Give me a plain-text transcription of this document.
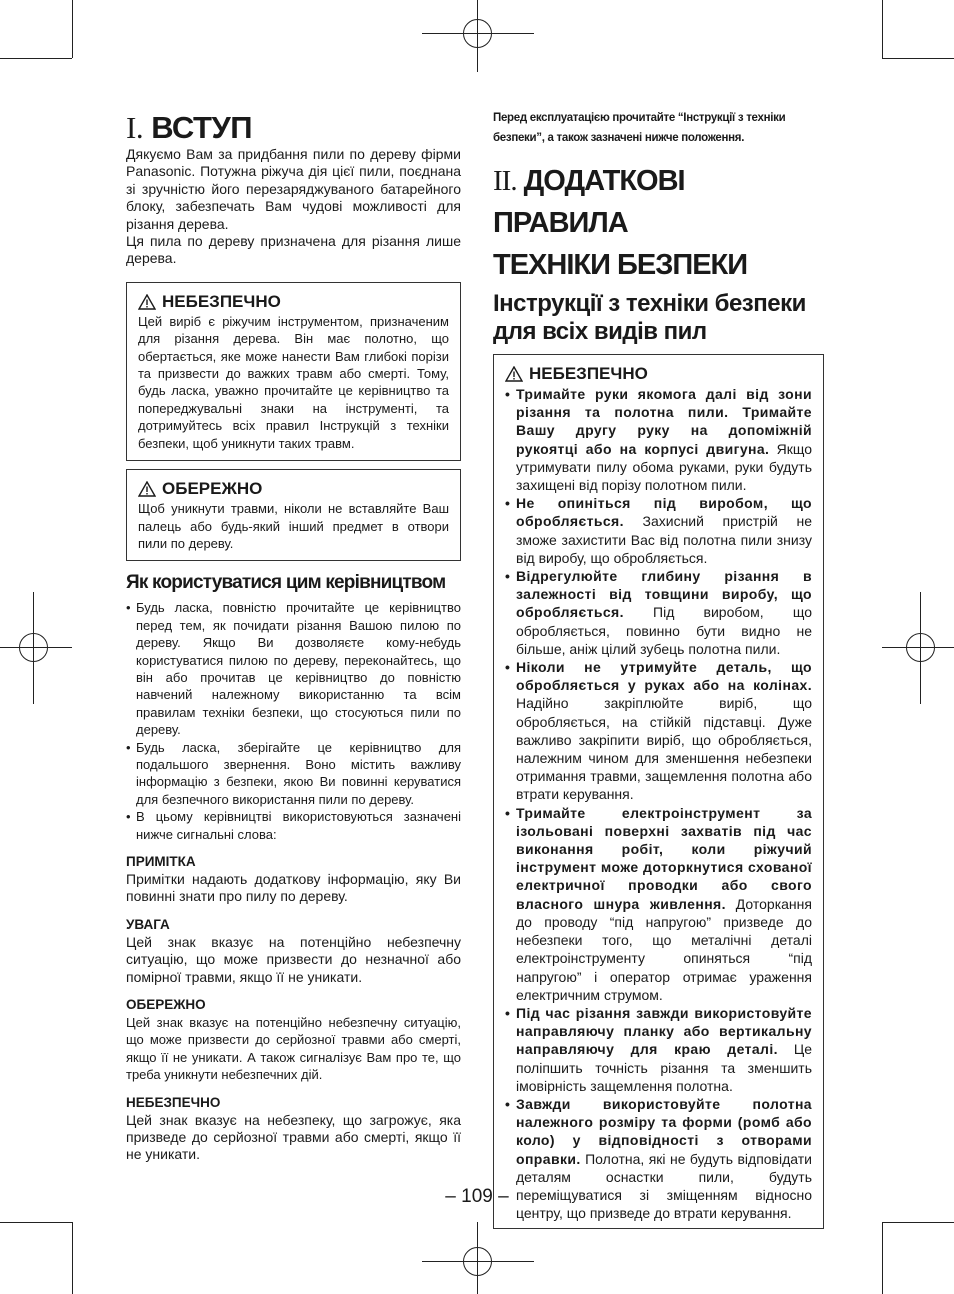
I. ВСТУП

Дякуємо Вам за придбання пили по дереву фірми Panasonic. Потужна ріжуча дія цієї пили, поєднана зі зручністю його перезаряджуваного батарейного блоку, забезпечать Вам чудові можливості для різання дерева.

Ця пила по дереву призначена для різання лише дерева.

НЕБЕЗПЕЧНО

Цей виріб є ріжучим інструментом, призначеним для різання дерева. Він має полотно, що обертається, яке може нанести Вам глибокі порізи та призвести до важких травм або смерті. Тому, будь ласка, уважно прочитайте це керівництво та попереджувальні знаки на інструменті, та дотримуйтесь всіх правил Інструкцій з техніки безпеки, щоб уникнути таких травм.

ОБЕРЕЖНО

Щоб уникнути травми, ніколи не вставляйте Ваш палець або будь-який інший предмет в отвори пили по дереву.

Як користуватися цим керівництвом
• Будь ласка, повністю прочитайте це керівництво перед тем, як почидати різання Вашою пилою по дереву. Якщо Ви дозволяєте кому-небудь користуватися пилою по дереву, переконайтесь, що він або прочитав це керівництво до повністю навчений належному використанню та всім правилам техніки безпеки, що стосуються пили по дереву.
• Будь ласка, зберігайте це керівництво для подальшого звернення. Воно містить важливу інформацію з безпеки, якою Ви повинні керуватися для безпечного використання пили по дереву.
• В цьому керівництві використовуються зазначені нижче сигнальні слова:
ПРИМІТКА

Примітки надають додаткову інформацію, яку Ви повинні знати про пилу по дереву.

УВАГА

Цей знак вказує на потенційно небезпечну ситуацію, що може призвести до незначної або помірної травми, якщо її не уникати.

ОБЕРЕЖНО

Цей знак вказує на потенційно небезпечну ситуацію, що може призвести до серйозної травми або смерті, якщо її не уникати. А також сигналізує Вам про те, що треба уникнути небезпечних дій.

НЕБЕЗПЕЧНО

Цей знак вказує на небезпеку, що загрожує, яка призведе до серйозної травми або смерті, якщо її не уникати.

Перед експлуатацією прочитайте “Інструкції з техніки безпеки”, а також зазначені нижче положення.

II. ДОДАТКОВІ ПРАВИЛА
ТЕХНІКИ БЕЗПЕКИ
Інструкції з техніки безпеки для всіх видів пил
НЕБЕЗПЕЧНО
• Тримайте руки якомога далі від зони різання та полотна пили. Тримайте Вашу другу руку на допоміжній рукоятці або на корпусі двигуна. Якщо утримувати пилу обома руками, руки будуть захищені від порізу полотном пили.
• Не опиніться під виробом, що обробляється. Захисний пристрій не зможе захистити Вас від полотна пили знизу від виробу, що обробляється.
• Відрегулюйте глибину різання в залежності від товщини виробу, що обробляється. Під виробом, що обробляється, повинно бути видно не більше, аніж цілий зубець полотна пили.
• Ніколи не утримуйте деталь, що обробляється у руках або на колінах. Надійно закріплюйте виріб, що обробляється, на стійкій підставці. Дуже важливо закріпити виріб, що обробляється, належним чином для зменшення небезпеки отримання травми, защемлення полотна або втрати керування.
• Тримайте електроінструмент за ізольовані поверхні захватів під час виконання робіт, коли ріжучий інструмент може доторкнутися схованої електричної проводки або свого власного шнура живлення. Доторкання до проводу “під напругою” призведе до небезпеки того, що металічні деталі електроінструменту опиняться “під напругою” і оператор отримає ураження електричним струмом.
• Під час різання завжди використовуйте направляючу планку або вертикальну направляючу для краю деталі. Це поліпшить точність різання та зменшить імовірність защемлення полотна.
• Завжди використовуйте полотна належного розміру та форми (ромб або коло) у відповідності з отворами оправки. Полотна, які не будуть відповідати деталям оснастки пили, будуть переміщуватися зі зміщенням відносно центру, що призведе до втрати керування.
– 109 –
